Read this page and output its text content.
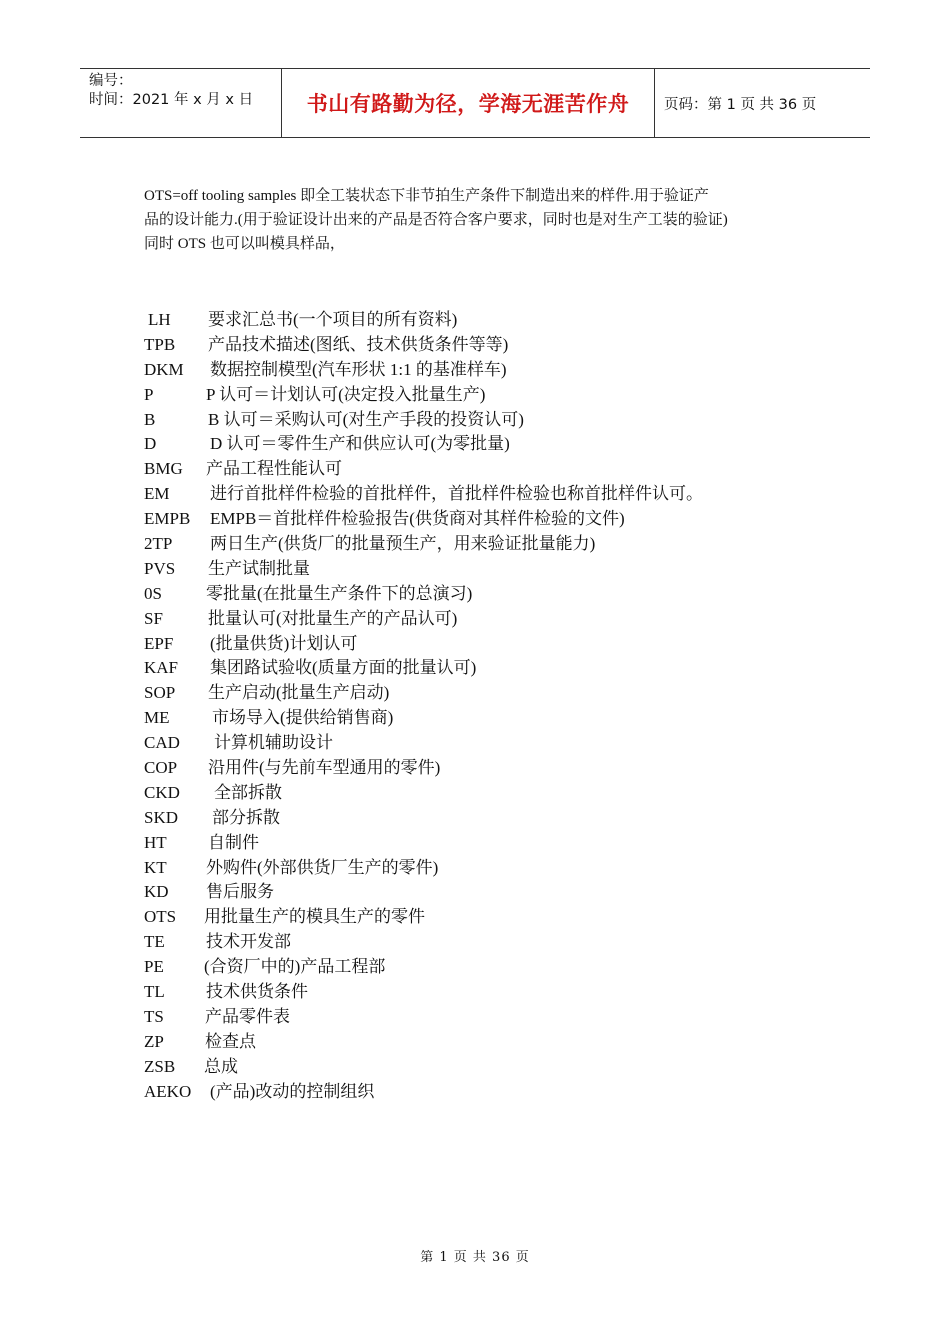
编号：
时间：2021 年 x 月 x 日	书山有路勤为径，学海无涯苦作舟	页码：第 1 页 共 36 页

OTS=off tooling samples 即全工装状态下非节拍生产条件下制造出来的样件.用于验证产

品的设计能力.(用于验证设计出来的产品是否符合客户要求，同时也是对生产工装的验证)

同时 OTS 也可以叫模具样品，

LH	要求汇总书(一个项目的所有资料)
TPB	产品技术描述(图纸、技术供货条件等等)
DKM	数据控制模型(汽车形状 1:1 的基准样车)
P	P 认可＝计划认可(决定投入批量生产)
B	B 认可＝采购认可(对生产手段的投资认可)
D	D 认可＝零件生产和供应认可(为零批量)
BMG	产品工程性能认可
EM	进行首批样件检验的首批样件，首批样件检验也称首批样件认可。
EMPB	EMPB＝首批样件检验报告(供货商对其样件检验的文件)
2TP	两日生产(供货厂的批量预生产，用来验证批量能力)
PVS	生产试制批量
0S	零批量(在批量生产条件下的总演习)
SF	批量认可(对批量生产的产品认可)
EPF	(批量供货)计划认可
KAF	集团路试验收(质量方面的批量认可)
SOP	生产启动(批量生产启动)
ME	市场导入(提供给销售商)
CAD	计算机辅助设计
COP	沿用件(与先前车型通用的零件)
CKD	全部拆散
SKD	部分拆散
HT	自制件
KT	外购件(外部供货厂生产的零件)
KD	售后服务
OTS	用批量生产的模具生产的零件
TE	技术开发部
PE	(合资厂中的)产品工程部
TL	技术供货条件
TS	产品零件表
ZP	检查点
ZSB	总成
AEKO	(产品)改动的控制组织
第 1 页 共 36 页
